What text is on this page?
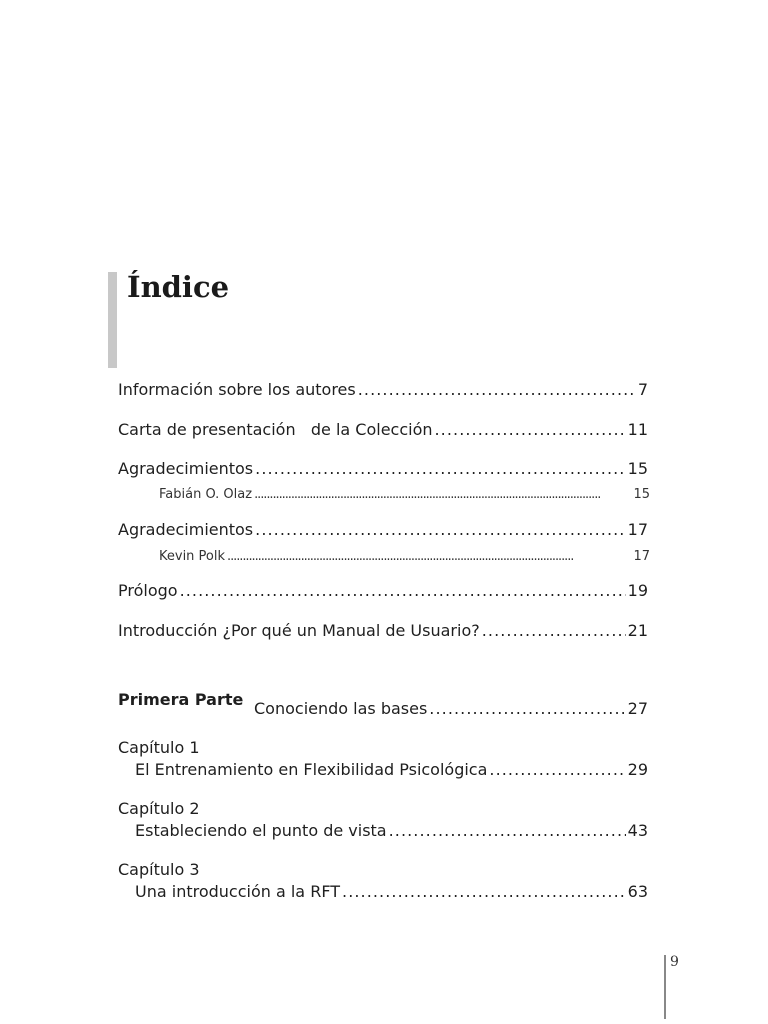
Índice
Información sobre los autores . . .	7
Carta de presentación   de la Colección . . .	11
Agradecimientos . . .	15
Fabián O. Olaz . . .	15
Agradecimientos . . .	17
Kevin Polk . . .	17
Prólogo . . .	19
Introducción ¿Por qué un Manual de Usuario? . . .	21
Primera Parte Conociendo las bases . . .	27
Capítulo 1
El Entrenamiento en Flexibilidad Psicológica . . .	29
Capítulo 2
Estableciendo el punto de vista . . .	43
Capítulo 3
Una introducción a la RFT . . .	63
9
